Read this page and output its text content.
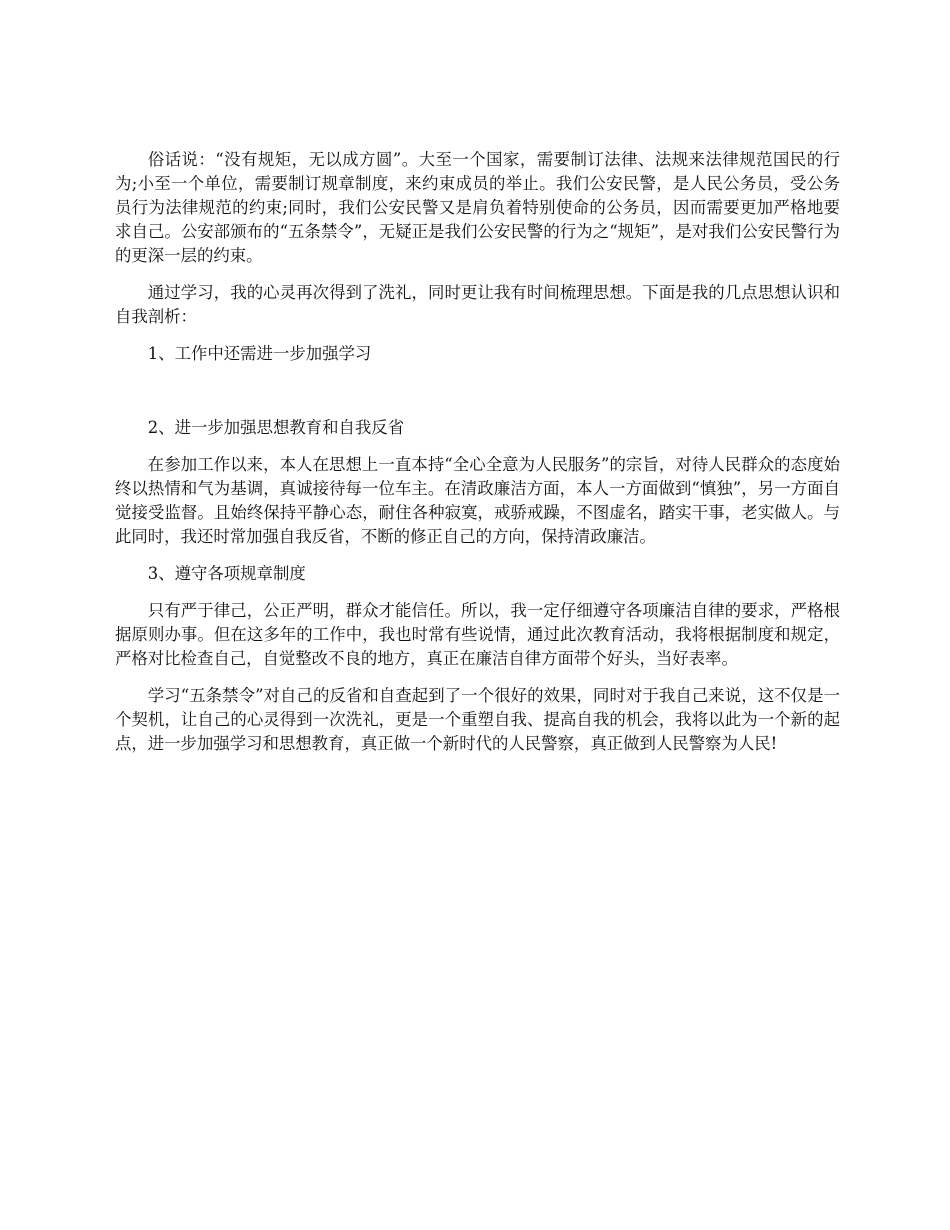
俗话说：“没有规矩，无以成方圆”。大至一个国家，需要制订法律、法规来法律规范国民的行为;小至一个单位，需要制订规章制度，来约束成员的举止。我们公安民警，是人民公务员，受公务员行为法律规范的约束;同时，我们公安民警又是肩负着特别使命的公务员，因而需要更加严格地要求自己。公安部颁布的“五条禁令”，无疑正是我们公安民警的行为之“规矩”，是对我们公安民警行为的更深一层的约束。

通过学习，我的心灵再次得到了洗礼，同时更让我有时间梳理思想。下面是我的几点思想认识和自我剖析：

1、工作中还需进一步加强学习

2、进一步加强思想教育和自我反省

在参加工作以来，本人在思想上一直本持“全心全意为人民服务”的宗旨，对待人民群众的态度始终以热情和气为基调，真诚接待每一位车主。在清政廉洁方面，本人一方面做到“慎独”，另一方面自觉接受监督。且始终保持平静心态，耐住各种寂寞，戒骄戒躁，不图虚名，踏实干事，老实做人。与此同时，我还时常加强自我反省，不断的修正自己的方向，保持清政廉洁。

3、遵守各项规章制度

只有严于律己，公正严明，群众才能信任。所以，我一定仔细遵守各项廉洁自律的要求，严格根据原则办事。但在这多年的工作中，我也时常有些说情，通过此次教育活动，我将根据制度和规定，严格对比检查自己，自觉整改不良的地方，真正在廉洁自律方面带个好头，当好表率。

学习“五条禁令”对自己的反省和自查起到了一个很好的效果，同时对于我自己来说，这不仅是一个契机，让自己的心灵得到一次洗礼，更是一个重塑自我、提高自我的机会，我将以此为一个新的起点，进一步加强学习和思想教育，真正做一个新时代的人民警察，真正做到人民警察为人民!
